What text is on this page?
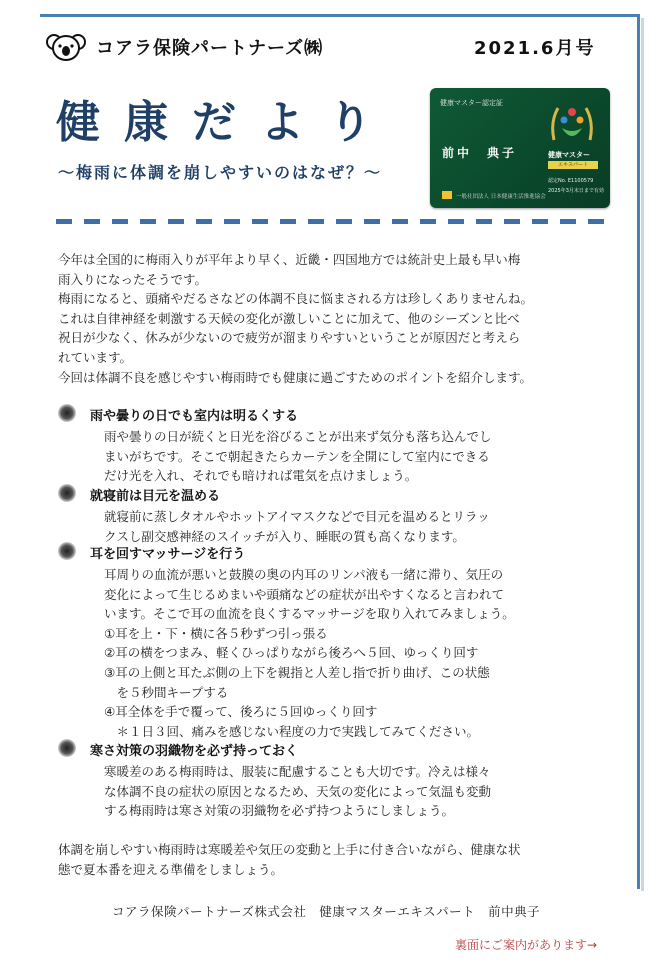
コアラ保険パートナーズ㈱	2021.6月号
健康だより
～梅雨に体調を崩しやすいのはなぜ？～
健康マスター認定証
前中　典子	健康マスター
エキスパート
認定No. E1100579
2025年3月末日まで有効
一般社団法人 日本健康生活推進協会
今年は全国的に梅雨入りが平年より早く、近畿・四国地方では統計史上最も早い梅
雨入りになったそうです。
梅雨になると、頭痛やだるさなどの体調不良に悩まされる方は珍しくありませんね。
これは自律神経を刺激する天候の変化が激しいことに加えて、他のシーズンと比べ
祝日が少なく、休みが少ないので疲労が溜まりやすいということが原因だと考えら
れています。
今回は体調不良を感じやすい梅雨時でも健康に過ごすためのポイントを紹介します。
雨や曇りの日でも室内は明るくする
雨や曇りの日が続くと日光を浴びることが出来ず気分も落ち込んでし
まいがちです。そこで朝起きたらカーテンを全開にして室内にできる
だけ光を入れ、それでも暗ければ電気を点けましょう。
就寝前は目元を温める
就寝前に蒸しタオルやホットアイマスクなどで目元を温めるとリラッ
クスし副交感神経のスイッチが入り、睡眠の質も高くなります。
耳を回すマッサージを行う
耳周りの血流が悪いと鼓膜の奥の内耳のリンパ液も一緒に滞り、気圧の
変化によって生じるめまいや頭痛などの症状が出やすくなると言われて
います。そこで耳の血流を良くするマッサージを取り入れてみましょう。
①耳を上・下・横に各５秒ずつ引っ張る
②耳の横をつまみ、軽くひっぱりながら後ろへ５回、ゆっくり回す
③耳の上側と耳たぶ側の上下を親指と人差し指で折り曲げ、この状態
　を５秒間キープする
④耳全体を手で覆って、後ろに５回ゆっくり回す
　＊１日３回、痛みを感じない程度の力で実践してみてください。
寒さ対策の羽織物を必ず持っておく
寒暖差のある梅雨時は、服装に配慮することも大切です。冷えは様々
な体調不良の症状の原因となるため、天気の変化によって気温も変動
する梅雨時は寒さ対策の羽織物を必ず持つようにしましょう。
体調を崩しやすい梅雨時は寒暖差や気圧の変動と上手に付き合いながら、健康な状
態で夏本番を迎える準備をしましょう。
コアラ保険パートナーズ株式会社　健康マスターエキスパート　前中典子
裏面にご案内があります→
